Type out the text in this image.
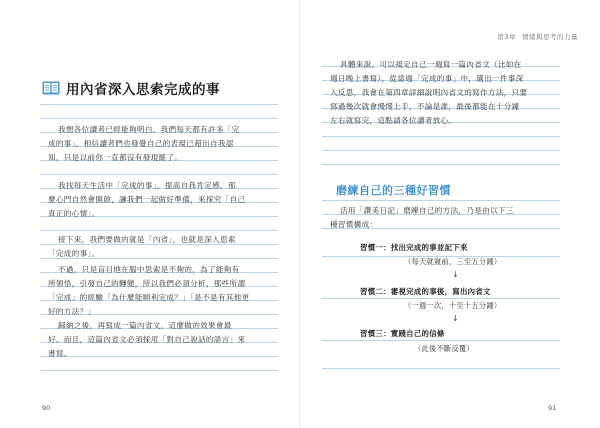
第3章 情緒與思考的力量
用內省深入思索完成的事
我想各位讀者已經能夠明白，我們每天都有許多「完
成的事」，相信讀者們也發覺自己的表現已超出自我認
知，只是以前你一直都沒有發現罷了。
我找每天生活中「完成的事」，提高自我肯定感，那
麼心門自然會開啟，讓我們一起做好準備，來探究「自己
真正的心情」。
接下來，我們要做的就是「內省」，也就是深入思索
「完成的事」。
不過，只是盲目地在腦中思索是不夠的，為了能夠有
所領悟，引發自己的轉變，所以我們必須分析，那些所謂
「完成」的經驗「為什麼能順利完成？」「是不是有其他更
好的方法？」
歸納之後，再寫成一篇內省文，這麼做的效果會最
好。而且，這篇內省文必須採用「對自己說話的語言」來
書寫。
90
具體來說，可以規定自己一週寫一篇內省文（比如在
週日晚上書寫），從當週「完成的事」中，選出一件事深
入反思，我會在第四章詳細說明內省文的寫作方法，只要
寫過幾次就會慢慢上手，不論是誰，最後都能在十分鐘
左右就寫完，這點請各位讀者放心。
磨練自己的三種好習慣
活用「讚美日記」磨練自己的方法，乃是由以下三
種習慣構成：
習慣一：找出完成的事並記下來
（每天就寢前，三至五分鐘）
↓
習慣二：審視完成的事後，寫出內省文
（一週一次，十至十五分鐘）
↓
習慣三：實踐自己的信條
（此後不斷反覆）
91
